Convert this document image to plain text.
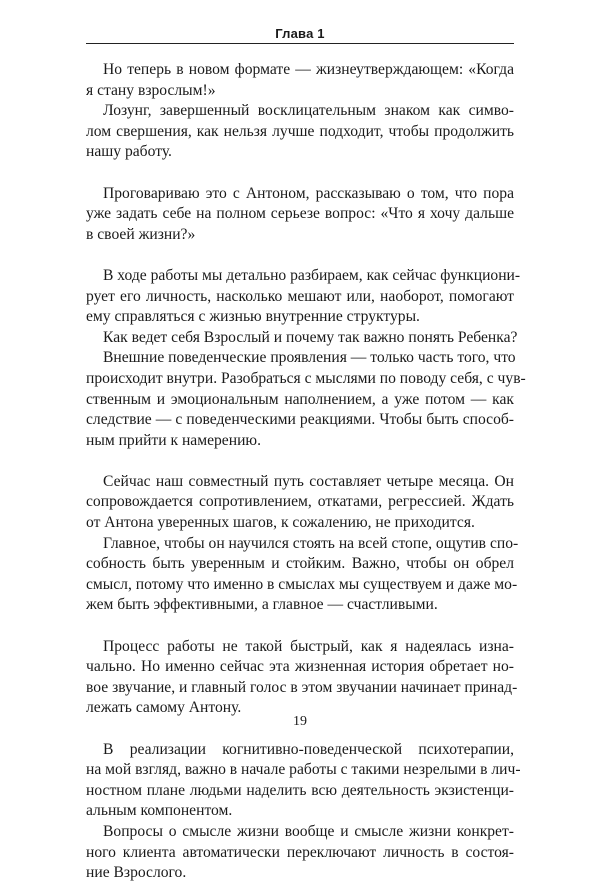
Глава 1

Но теперь в новом формате — жизнеутверждающем: «Когда
я стану взрослым!»

Лозунг, завершенный восклицательным знаком как симво-
лом свершения, как нельзя лучше подходит, чтобы продолжить
нашу работу.

Проговариваю это с Антоном, рассказываю о том, что пора
уже задать себе на полном серьезе вопрос: «Что я хочу дальше
в своей жизни?»

В ходе работы мы детально разбираем, как сейчас функциони-
рует его личность, насколько мешают или, наоборот, помогают
ему справляться с жизнью внутренние структуры.

Как ведет себя Взрослый и почему так важно понять Ребенка?

Внешние поведенческие проявления — только часть того, что
происходит внутри. Разобраться с мыслями по поводу себя, с чув-
ственным и эмоциональным наполнением, а уже потом — как
следствие — с поведенческими реакциями. Чтобы быть способ-
ным прийти к намерению.

Сейчас наш совместный путь составляет четыре месяца. Он
сопровождается сопротивлением, откатами, регрессией. Ждать
от Антона уверенных шагов, к сожалению, не приходится.

Главное, чтобы он научился стоять на всей стопе, ощутив спо-
собность быть уверенным и стойким. Важно, чтобы он обрел
смысл, потому что именно в смыслах мы существуем и даже мо-
жем быть эффективными, а главное — счастливыми.

Процесс работы не такой быстрый, как я надеялась изна-
чально. Но именно сейчас эта жизненная история обретает но-
вое звучание, и главный голос в этом звучании начинает принад-
лежать самому Антону.

В реализации когнитивно-поведенческой психотерапии,
на мой взгляд, важно в начале работы с такими незрелыми в лич-
ностном плане людьми наделить всю деятельность экзистенци-
альным компонентом.

Вопросы о смысле жизни вообще и смысле жизни конкрет-
ного клиента автоматически переключают личность в состоя-
ние Взрослого.

19
